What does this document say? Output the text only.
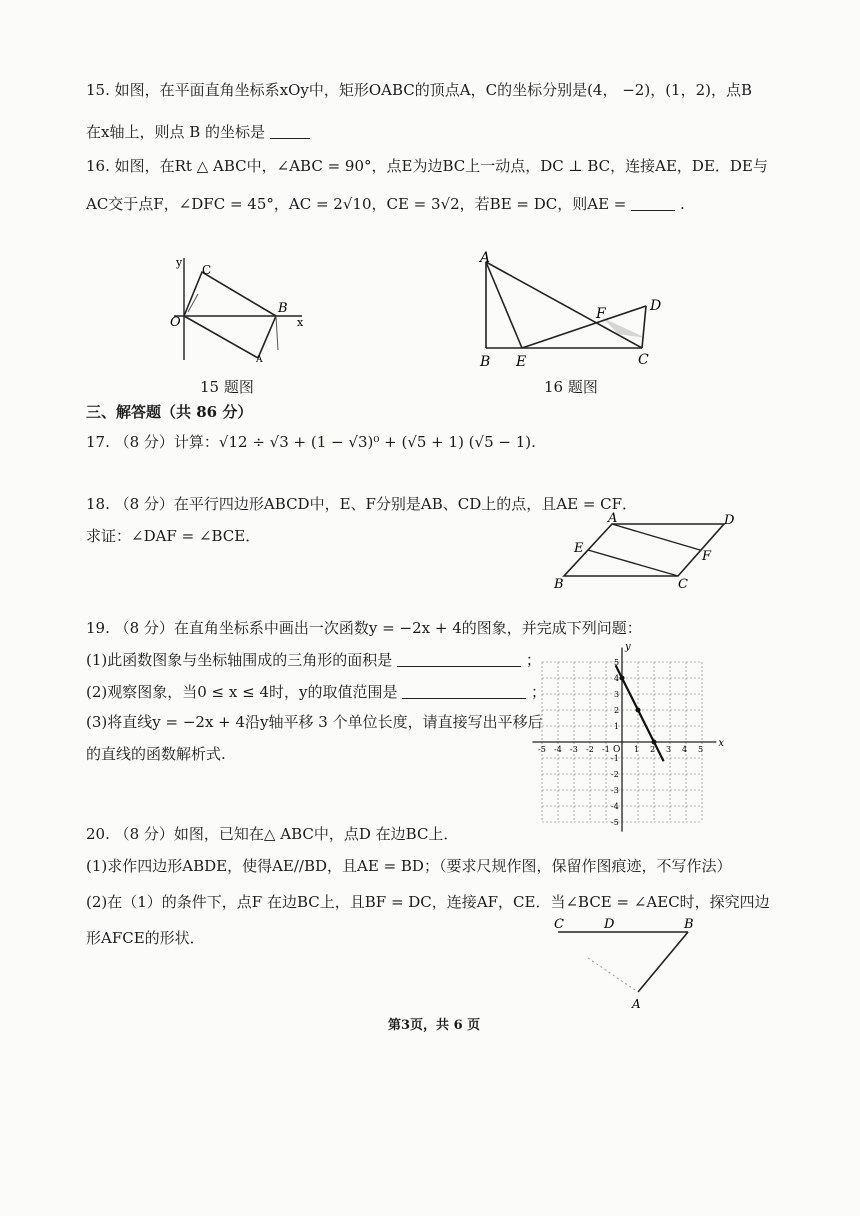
15. 如图，在平面直角坐标系xOy中，矩形OABC的顶点A，C的坐标分别是(4， −2)，(1，2)，点B
在x轴上，则点 B 的坐标是
16. 如图，在Rt △ ABC中，∠ABC = 90°，点E为边BC上一动点，DC ⊥ BC，连接AE，DE．DE与
AC交于点F，∠DFC = 45°，AC = 2√10，CE = 3√2，若BE = DC，则AE =	.
y
C
O
B
x
A
15 题图
A
F	D
B E	C
16 题图
三、解答题（共 86 分）
17. （8 分）计算：√12 ÷ √3 + (1 − √3)⁰ + (√5 + 1) (√5 − 1).
18. （8 分）在平行四边形ABCD中，E、F分别是AB、CD上的点，且AE = CF．
求证：∠DAF = ∠BCE．
A	D
E
F
B	C
19. （8 分）在直角坐标系中画出一次函数y = −2x + 4的图象，并完成下列问题：
(1)此函数图象与坐标轴围成的三角形的面积是	；
(2)观察图象，当0 ≤ x ≤ 4时，y的取值范围是	；
(3)将直线y = −2x + 4沿y轴平移 3 个单位长度，请直接写出平移后
的直线的函数解析式.
x
y
O
-5 -4 -3 -2 -1	1 2 3 4 5
5
4
3
2
1
-1
-2
-3
-4
-5
20. （8 分）如图，已知在△ ABC中，点D 在边BC上．
(1)求作四边形ABDE，使得AE//BD，且AE = BD；（要求尺规作图，保留作图痕迹，不写作法）
(2)在（1）的条件下，点F 在边BC上，且BF = DC，连接AF，CE．当∠BCE = ∠AEC时，探究四边
形AFCE的形状．
C	D	B
A
第3页，共 6 页
